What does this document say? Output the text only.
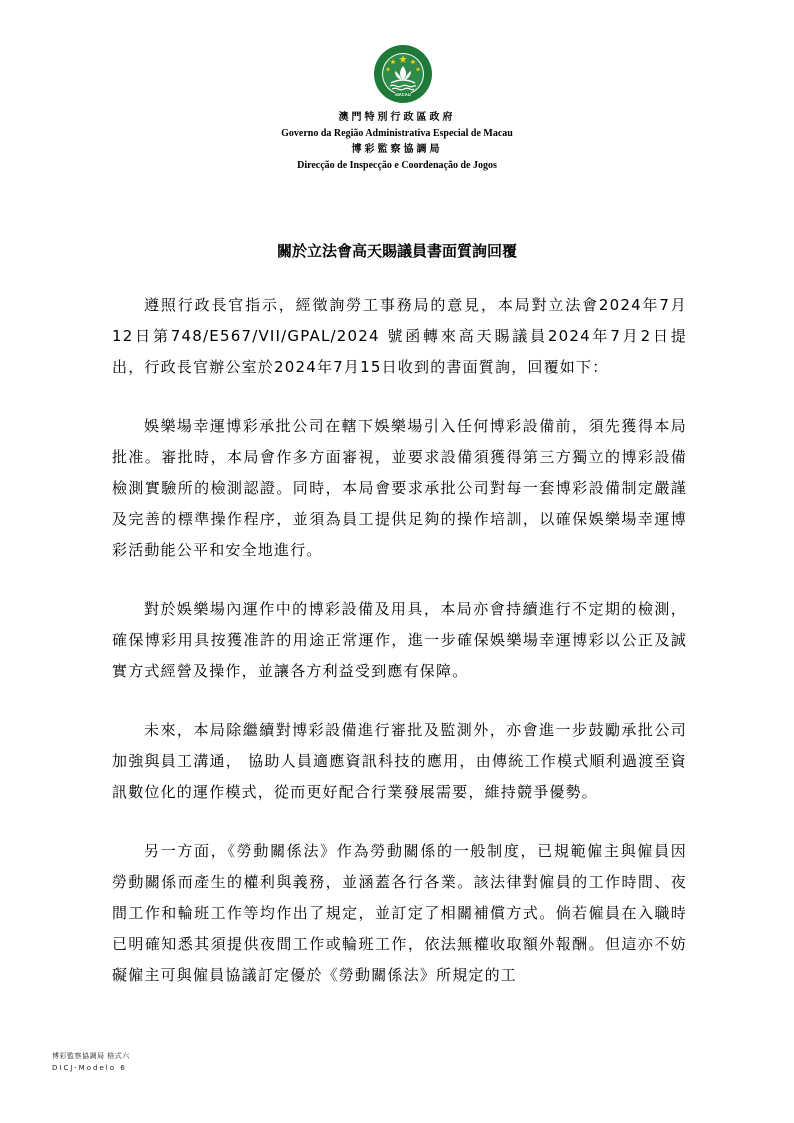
MACAU
澳門特別行政區政府
Governo da Região Administrativa Especial de Macau
博彩監察協調局
Direcção de Inspecção e Coordenação de Jogos
關於立法會高天賜議員書面質詢回覆

遵照行政長官指示，經徵詢勞工事務局的意見，本局對立法會2024年7月12日第748/E567/VII/GPAL/2024 號函轉來高天賜議員2024年7月2日提出，行政長官辦公室於2024年7月15日收到的書面質詢，回覆如下：

娛樂場幸運博彩承批公司在轄下娛樂場引入任何博彩設備前，須先獲得本局批准。審批時，本局會作多方面審視，並要求設備須獲得第三方獨立的博彩設備檢測實驗所的檢測認證。同時，本局會要求承批公司對每一套博彩設備制定嚴謹及完善的標準操作程序，並須為員工提供足夠的操作培訓，以確保娛樂場幸運博彩活動能公平和安全地進行。

對於娛樂場內運作中的博彩設備及用具，本局亦會持續進行不定期的檢測，確保博彩用具按獲准許的用途正常運作，進一步確保娛樂場幸運博彩以公正及誠實方式經營及操作，並讓各方利益受到應有保障。

未來，本局除繼續對博彩設備進行審批及監測外，亦會進一步鼓勵承批公司加強與員工溝通， 協助人員適應資訊科技的應用，由傳統工作模式順利過渡至資訊數位化的運作模式，從而更好配合行業發展需要，維持競爭優勢。

另一方面，《勞動關係法》作為勞動關係的一般制度，已規範僱主與僱員因勞動關係而產生的權利與義務，並涵蓋各行各業。該法律對僱員的工作時間、夜間工作和輪班工作等均作出了規定，並訂定了相關補償方式。倘若僱員在入職時已明確知悉其須提供夜間工作或輪班工作，依法無權收取額外報酬。但這亦不妨礙僱主可與僱員協議訂定優於《勞動關係法》所規定的工

博彩監察協調局 格式六
DICJ-Modelo 6
